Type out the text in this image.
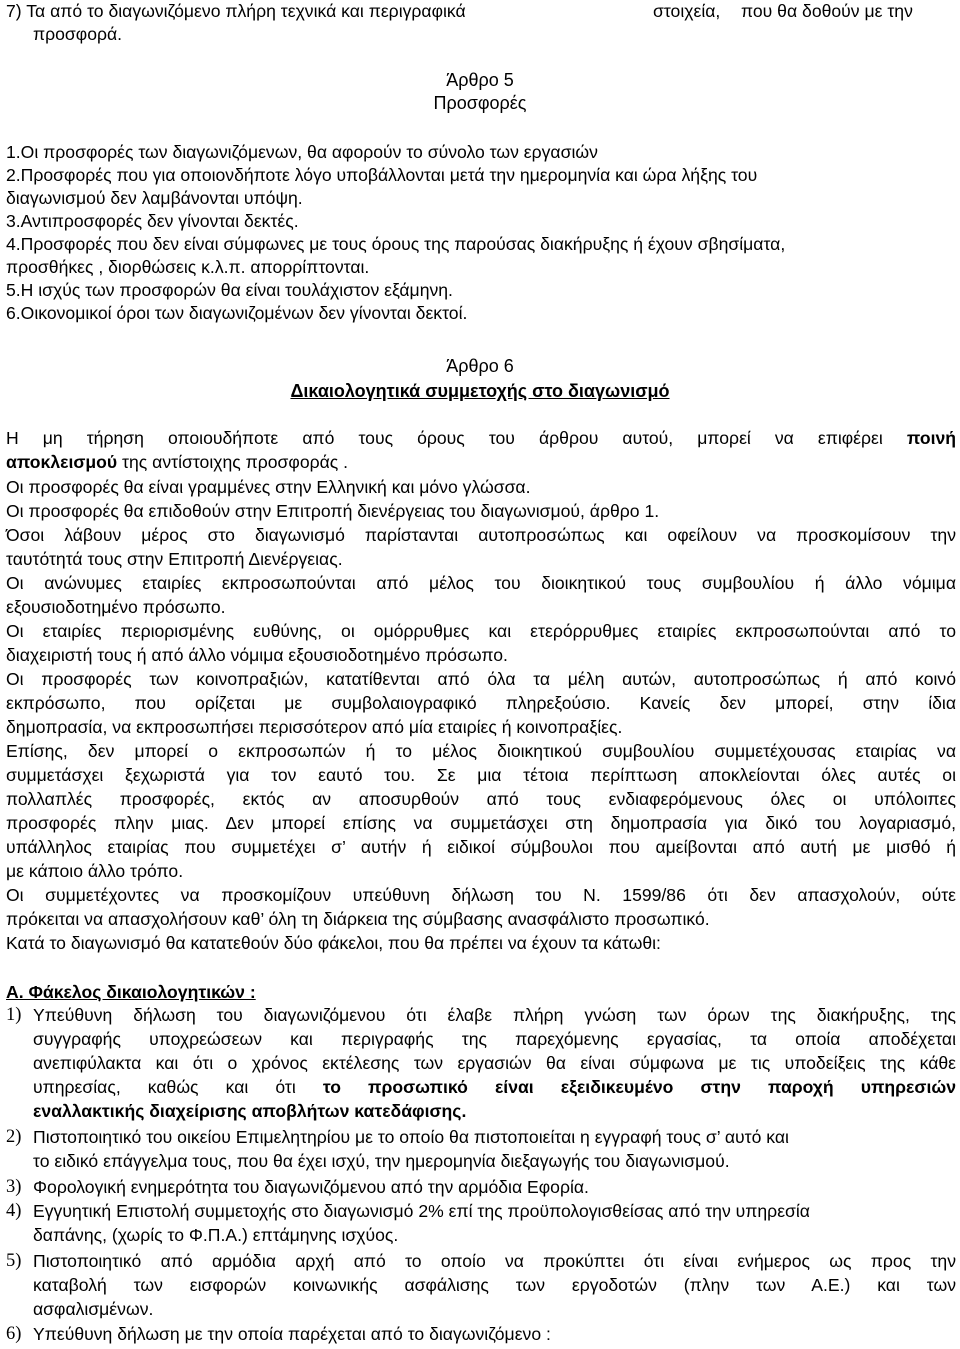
7) Τα από το διαγωνιζόμενο πλήρη τεχνικά και περιγραφικά	στοιχεία, που θα δοθούν με την
προσφορά.
Άρθρο 5
Προσφορές
1.Οι προσφορές των διαγωνιζόμενων, θα αφορούν το σύνολο των εργασιών
2.Προσφορές που για οποιονδήποτε λόγο υποβάλλονται μετά την ημερομηνία και ώρα λήξης του
διαγωνισμού δεν λαμβάνονται υπόψη.
3.Αντιπροσφορές δεν γίνονται δεκτές.
4.Προσφορές που δεν είναι σύμφωνες με τους όρους της παρούσας διακήρυξης ή έχουν σβησίματα,
προσθήκες , διορθώσεις κ.λ.π. απορρίπτονται.
5.Η ισχύς των προσφορών θα είναι τουλάχιστον εξάμηνη.
6.Οικονομικοί όροι των διαγωνιζομένων δεν γίνονται δεκτοί.
Άρθρο 6
Δικαιολογητικά συμμετοχής στο διαγωνισμό
Η μη τήρηση οποιουδήποτε από τους όρους του άρθρου αυτού, μπορεί να επιφέρει ποινή
αποκλεισμού της αντίστοιχης προσφοράς .
Οι προσφορές θα είναι γραμμένες στην Ελληνική και μόνο γλώσσα.
Οι προσφορές θα επιδοθούν στην Επιτροπή διενέργειας του διαγωνισμού, άρθρο 1.
Όσοι λάβουν μέρος στο διαγωνισμό παρίστανται αυτοπροσώπως και οφείλουν να προσκομίσουν την
ταυτότητά τους στην Επιτροπή Διενέργειας.
Οι ανώνυμες εταιρίες εκπροσωπούνται από μέλος του διοικητικού τους συμβουλίου ή άλλο νόμιμα
εξουσιοδοτημένο πρόσωπο.
Οι εταιρίες περιορισμένης ευθύνης, οι ομόρρυθμες και ετερόρρυθμες εταιρίες εκπροσωπούνται από το
διαχειριστή τους ή από άλλο νόμιμα εξουσιοδοτημένο πρόσωπο.
Οι προσφορές των κοινοπραξιών, κατατίθενται από όλα τα μέλη αυτών, αυτοπροσώπως ή από κοινό
εκπρόσωπο, που ορίζεται με συμβολαιογραφικό πληρεξούσιο. Κανείς δεν μπορεί, στην ίδια
δημοπρασία, να εκπροσωπήσει περισσότερον από μία εταιρίες ή κοινοπραξίες.
Επίσης, δεν μπορεί ο εκπροσωπών ή το μέλος διοικητικού συμβουλίου συμμετέχουσας εταιρίας να
συμμετάσχει ξεχωριστά για τον εαυτό του. Σε μια τέτοια περίπτωση αποκλείονται όλες αυτές οι
πολλαπλές προσφορές, εκτός αν αποσυρθούν από τους ενδιαφερόμενους όλες οι υπόλοιπες
προσφορές πλην μιας. Δεν μπορεί επίσης να συμμετάσχει στη δημοπρασία για δικό του λογαριασμό,
υπάλληλος εταιρίας που συμμετέχει σ’ αυτήν ή ειδικοί σύμβουλοι που αμείβονται από αυτή με μισθό ή
με κάποιο άλλο τρόπο.
Οι συμμετέχοντες να προσκομίζουν υπεύθυνη δήλωση του Ν. 1599/86 ότι δεν απασχολούν, ούτε
πρόκειται να απασχολήσουν καθ’ όλη τη διάρκεια της σύμβασης ανασφάλιστο προσωπικό.
Κατά το διαγωνισμό θα κατατεθούν δύο φάκελοι, που θα πρέπει να έχουν τα κάτωθι:
Α. Φάκελος δικαιολογητικών :
1) Υπεύθυνη δήλωση του διαγωνιζόμενου ότι έλαβε πλήρη γνώση των όρων της διακήρυξης, της
συγγραφής υποχρεώσεων και περιγραφής της παρεχόμενης εργασίας, τα οποία αποδέχεται
ανεπιφύλακτα και ότι ο χρόνος εκτέλεσης των εργασιών θα είναι σύμφωνα με τις υποδείξεις της κάθε
υπηρεσίας, καθώς και ότι το προσωπικό είναι εξειδικευμένο στην παροχή υπηρεσιών
εναλλακτικής διαχείρισης αποβλήτων κατεδάφισης.
2) Πιστοποιητικό του οικείου Επιμελητηρίου με το οποίο θα πιστοποιείται η εγγραφή τους σ’ αυτό και
το ειδικό επάγγελμα τους, που θα έχει ισχύ, την ημερομηνία διεξαγωγής του διαγωνισμού.
3) Φορολογική ενημερότητα του διαγωνιζόμενου από την αρμόδια Εφορία.
4) Εγγυητική Επιστολή συμμετοχής στο διαγωνισμό 2% επί της προϋπολογισθείσας από την υπηρεσία
δαπάνης, (χωρίς το Φ.Π.Α.) επτάμηνης ισχύος.
5) Πιστοποιητικό από αρμόδια αρχή από το οποίο να προκύπτει ότι είναι ενήμερος ως προς την
καταβολή των εισφορών κοινωνικής ασφάλισης των εργοδοτών (πλην των Α.Ε.) και των
ασφαλισμένων.
6) Υπεύθυνη δήλωση με την οποία παρέχεται από το διαγωνιζόμενο :
